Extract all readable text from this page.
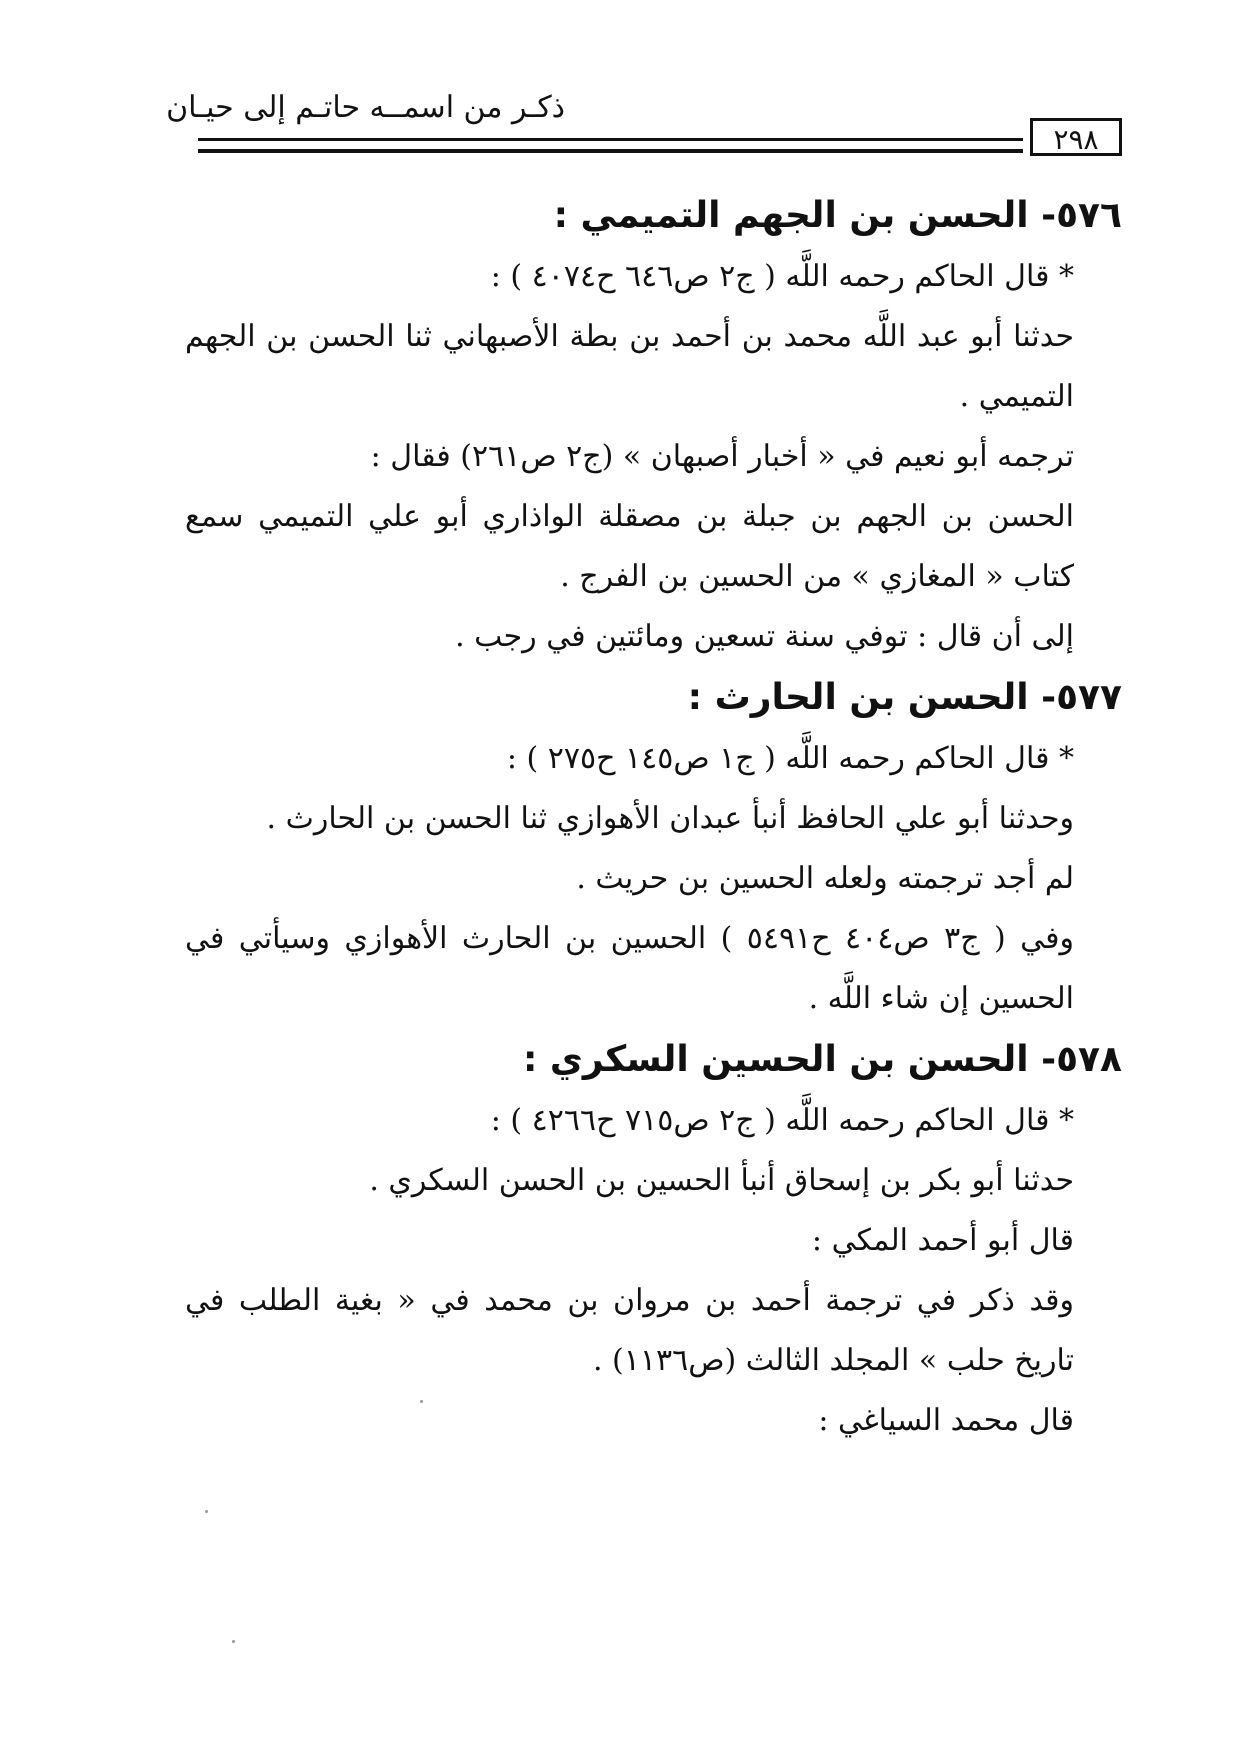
ذكـر من اسمــه حاتـم إلى حيـان
٢٩٨
٥٧٦- الحسن بن الجهم التميمي :

* قال الحاكم رحمه اللَّه ( ج٢ ص٦٤٦ ح٤٠٧٤ ) :

حدثنا أبو عبد اللَّه محمد بن أحمد بن بطة الأصبهاني ثنا الحسن بن الجهم التميمي .

ترجمه أبو نعيم في « أخبار أصبهان » (ج٢ ص٢٦١) فقال :

الحسن بن الجهم بن جبلة بن مصقلة الواذاري أبو علي التميمي سمع كتاب « المغازي » من الحسين بن الفرج .

إلى أن قال : توفي سنة تسعين ومائتين في رجب .

٥٧٧- الحسن بن الحارث :

* قال الحاكم رحمه اللَّه ( ج١ ص١٤٥ ح٢٧٥ ) :

وحدثنا أبو علي الحافظ أنبأ عبدان الأهوازي ثنا الحسن بن الحارث .

لم أجد ترجمته ولعله الحسين بن حريث .

وفي ( ج٣ ص٤٠٤ ح٥٤٩١ ) الحسين بن الحارث الأهوازي وسيأتي في الحسين إن شاء اللَّه .

٥٧٨- الحسن بن الحسين السكري :

* قال الحاكم رحمه اللَّه ( ج٢ ص٧١٥ ح٤٢٦٦ ) :

حدثنا أبو بكر بن إسحاق أنبأ الحسين بن الحسن السكري .

قال أبو أحمد المكي :

وقد ذكر في ترجمة أحمد بن مروان بن محمد في « بغية الطلب في تاريخ حلب » المجلد الثالث (ص١١٣٦) .

قال محمد السياغي :
